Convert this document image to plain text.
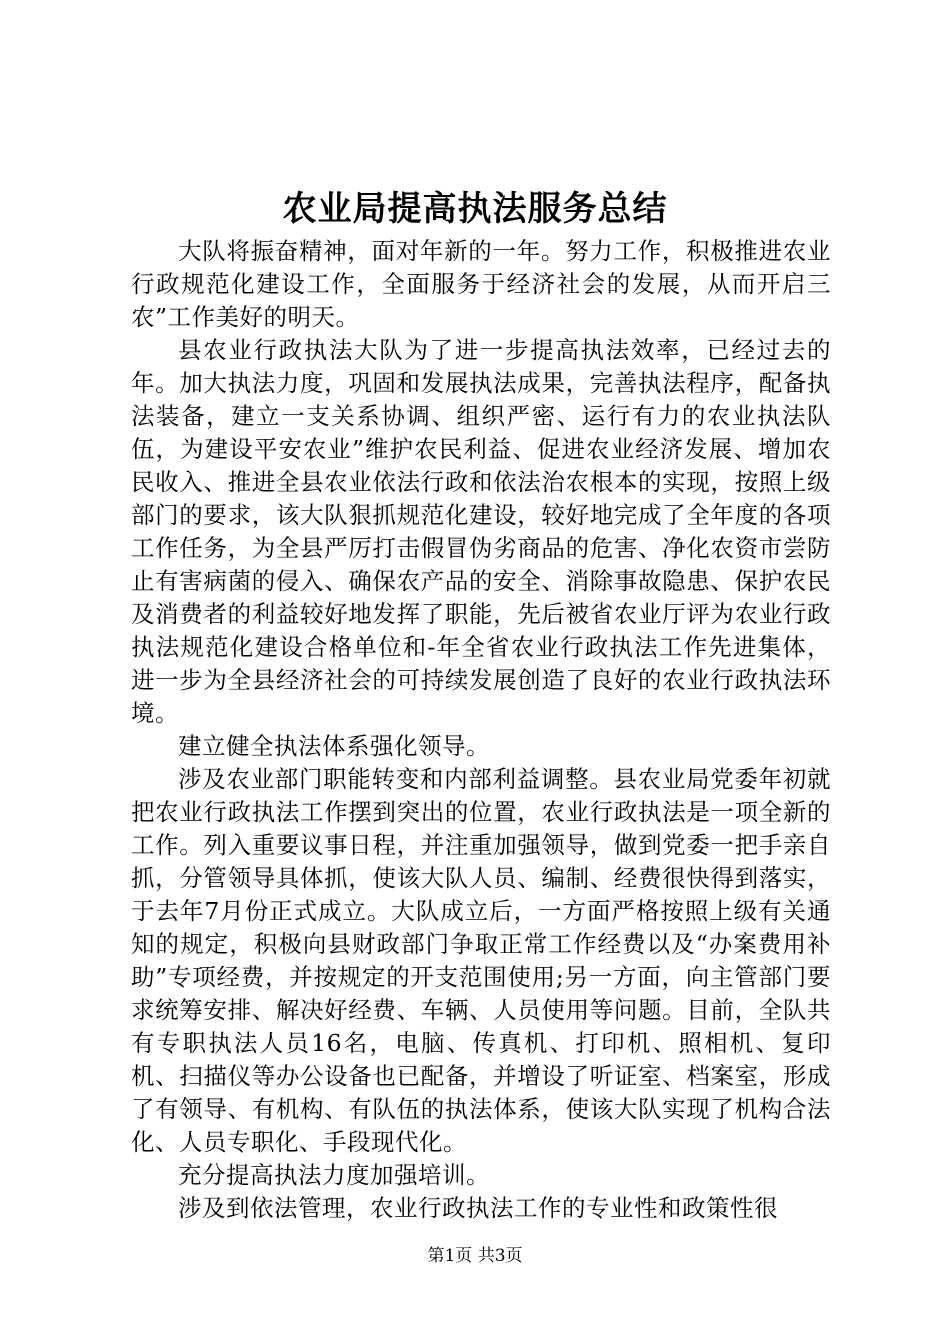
农业局提高执法服务总结

大队将振奋精神，面对年新的一年。努力工作，积极推进农业行政规范化建设工作，全面服务于经济社会的发展，从而开启三农”工作美好的明天。

县农业行政执法大队为了进一步提高执法效率，已经过去的年。加大执法力度，巩固和发展执法成果，完善执法程序，配备执法装备，建立一支关系协调、组织严密、运行有力的农业执法队伍，为建设平安农业”维护农民利益、促进农业经济发展、增加农民收入、推进全县农业依法行政和依法治农根本的实现，按照上级部门的要求，该大队狠抓规范化建设，较好地完成了全年度的各项工作任务，为全县严厉打击假冒伪劣商品的危害、净化农资市尝防止有害病菌的侵入、确保农产品的安全、消除事故隐患、保护农民及消费者的利益较好地发挥了职能，先后被省农业厅评为农业行政执法规范化建设合格单位和-年全省农业行政执法工作先进集体，进一步为全县经济社会的可持续发展创造了良好的农业行政执法环境。

建立健全执法体系强化领导。

涉及农业部门职能转变和内部利益调整。县农业局党委年初就把农业行政执法工作摆到突出的位置，农业行政执法是一项全新的工作。列入重要议事日程，并注重加强领导，做到党委一把手亲自抓，分管领导具体抓，使该大队人员、编制、经费很快得到落实，于去年7月份正式成立。大队成立后，一方面严格按照上级有关通知的规定，积极向县财政部门争取正常工作经费以及“办案费用补助”专项经费，并按规定的开支范围使用;另一方面，向主管部门要求统筹安排、解决好经费、车辆、人员使用等问题。目前，全队共有专职执法人员16名，电脑、传真机、打印机、照相机、复印机、扫描仪等办公设备也已配备，并增设了听证室、档案室，形成了有领导、有机构、有队伍的执法体系，使该大队实现了机构合法化、人员专职化、手段现代化。

充分提高执法力度加强培训。

涉及到依法管理，农业行政执法工作的专业性和政策性很

第1页 共3页
